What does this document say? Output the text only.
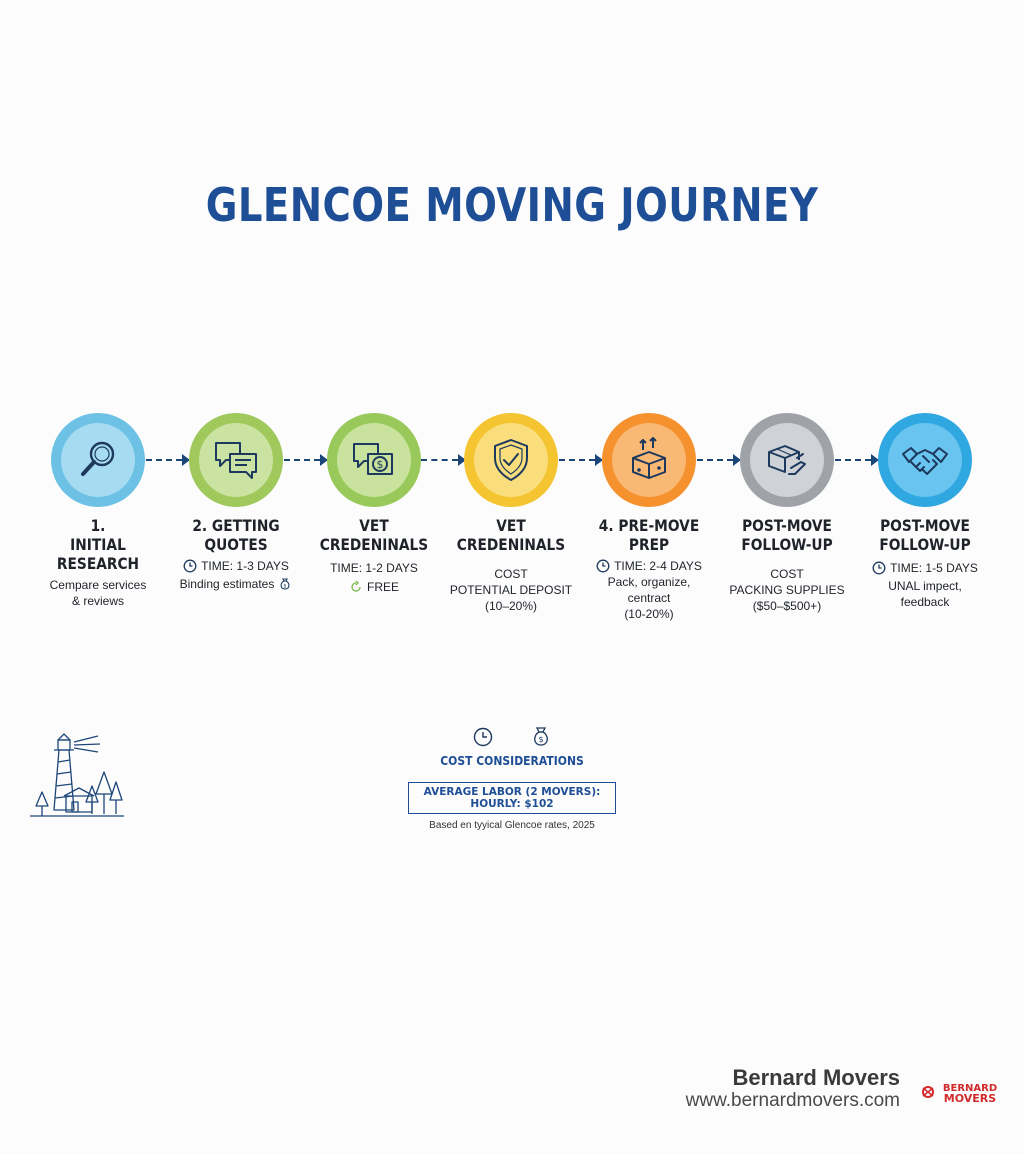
GLENCOE MOVING JOURNEY
1.
INITIAL
RESEARCH
Cempare services
& reviews
2. GETTING
QUOTES
TIME: 1-3 DAYS
Binding estimates $
$
VET
CREDENINALS
TIME: 1-2 DAYS
FREE
VET
CREDENINALS
COST
POTENTIAL DEPOSIT
(10–20%)
4. PRE-MOVE
PREP
TIME: 2-4 DAYS
Pack, organize,
centract
(10-20%)
POST-MOVE
FOLLOW-UP
COST
PACKING SUPPLIES
($50–$500+)
POST-MOVE
FOLLOW-UP
TIME: 1-5 DAYS
UNAL impect,
feedback
$
COST CONSIDERATIONS
AVERAGE LABOR (2 MOVERS):
HOURLY: $102
Based en tyyical Glencoe rates, 2025
Bernard Movers
www.bernardmovers.com
BERNARD
MOVERS
